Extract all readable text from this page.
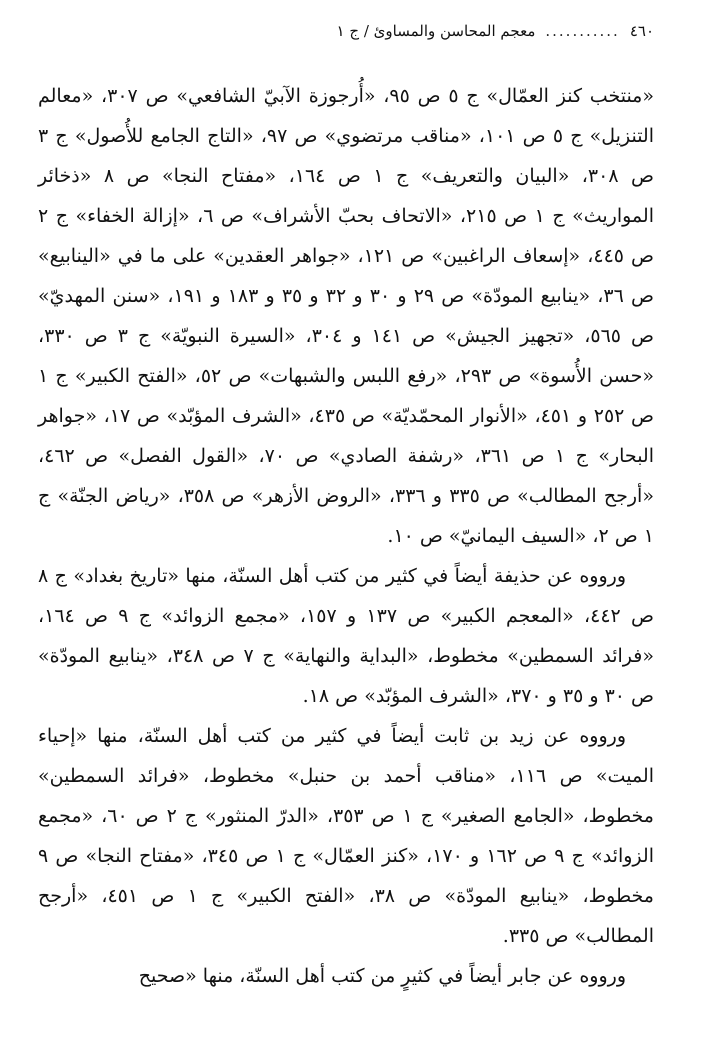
٤٦٠
...........
معجم المحاسن والمساوئ / ج ١

«منتخب كنز العمّال» ج ٥ ص ٩٥، «أُرجوزة الآبيّ الشافعي» ص ٣٠٧، «معالم التنزيل» ج ٥ ص ١٠١، «مناقب مرتضوي» ص ٩٧، «التاج الجامع للأُصول» ج ٣ ص ٣٠٨، «البيان والتعريف» ج ١ ص ١٦٤، «مفتاح النجا» ص ٨ «ذخائر المواريث» ج ١ ص ٢١٥، «الاتحاف بحبّ الأشراف» ص ٦، «إزالة الخفاء» ج ٢ ص ٤٤٥، «إسعاف الراغبين» ص ١٢١، «جواهر العقدين» على ما في «الينابيع» ص ٣٦، «ينابيع المودّة» ص ٢٩ و ٣٠ و ٣٢ و ٣٥ و ١٨٣ و ١٩١، «سنن المهديّ» ص ٥٦٥، «تجهيز الجيش» ص ١٤١ و ٣٠٤، «السيرة النبويّة» ج ٣ ص ٣٣٠، «حسن الأُسوة» ص ٢٩٣، «رفع اللبس والشبهات» ص ٥٢، «الفتح الكبير» ج ١ ص ٢٥٢ و ٤٥١، «الأنوار المحمّديّة» ص ٤٣٥، «الشرف المؤبّد» ص ١٧، «جواهر البحار» ج ١ ص ٣٦١، «رشفة الصادي» ص ٧٠، «القول الفصل» ص ٤٦٢، «أرجح المطالب» ص ٣٣٥ و ٣٣٦، «الروض الأزهر» ص ٣٥٨، «رياض الجنّة» ج ١ ص ٢، «السيف اليمانيّ» ص ١٠.

ورووه عن حذيفة أيضاً في كثير من كتب أهل السنّة، منها «تاريخ بغداد» ج ٨ ص ٤٤٢، «المعجم الكبير» ص ١٣٧ و ١٥٧، «مجمع الزوائد» ج ٩ ص ١٦٤، «فرائد السمطين» مخطوط، «البداية والنهاية» ج ٧ ص ٣٤٨، «ينابيع المودّة» ص ٣٠ و ٣٥ و ٣٧٠، «الشرف المؤبّد» ص ١٨.

ورووه عن زيد بن ثابت أيضاً في كثير من كتب أهل السنّة، منها «إحياء الميت» ص ١١٦، «مناقب أحمد بن حنبل» مخطوط، «فرائد السمطين» مخطوط، «الجامع الصغير» ج ١ ص ٣٥٣، «الدرّ المنثور» ج ٢ ص ٦٠، «مجمع الزوائد» ج ٩ ص ١٦٢ و ١٧٠، «كنز العمّال» ج ١ ص ٣٤٥، «مفتاح النجا» ص ٩ مخطوط، «ينابيع المودّة» ص ٣٨، «الفتح الكبير» ج ١ ص ٤٥١، «أرجح المطالب» ص ٣٣٥.

ورووه عن جابر أيضاً في كثيرٍ من كتب أهل السنّة، منها «صحيح
